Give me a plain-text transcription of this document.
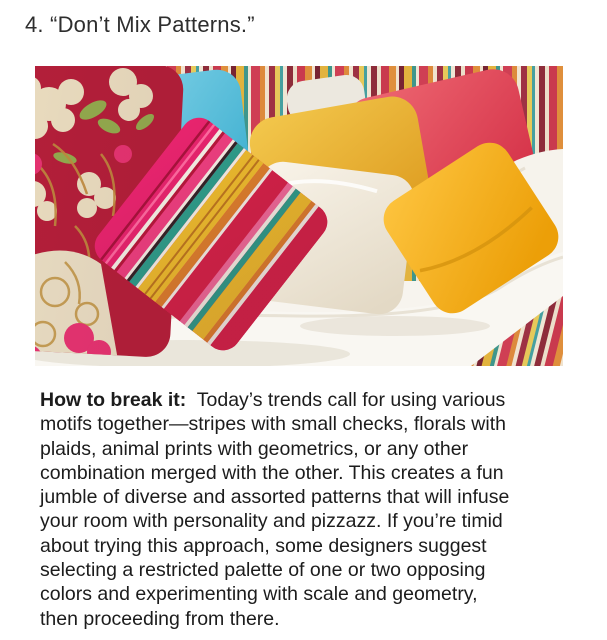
4. “Don’t Mix Patterns.”
How to break it:  Today’s trends call for using various
motifs together—stripes with small checks, florals with
plaids, animal prints with geometrics, or any other
combination merged with the other. This creates a fun
jumble of diverse and assorted patterns that will infuse
your room with personality and pizzazz. If you’re timid
about trying this approach, some designers suggest
selecting a restricted palette of one or two opposing
colors and experimenting with scale and geometry,
then proceeding from there.
